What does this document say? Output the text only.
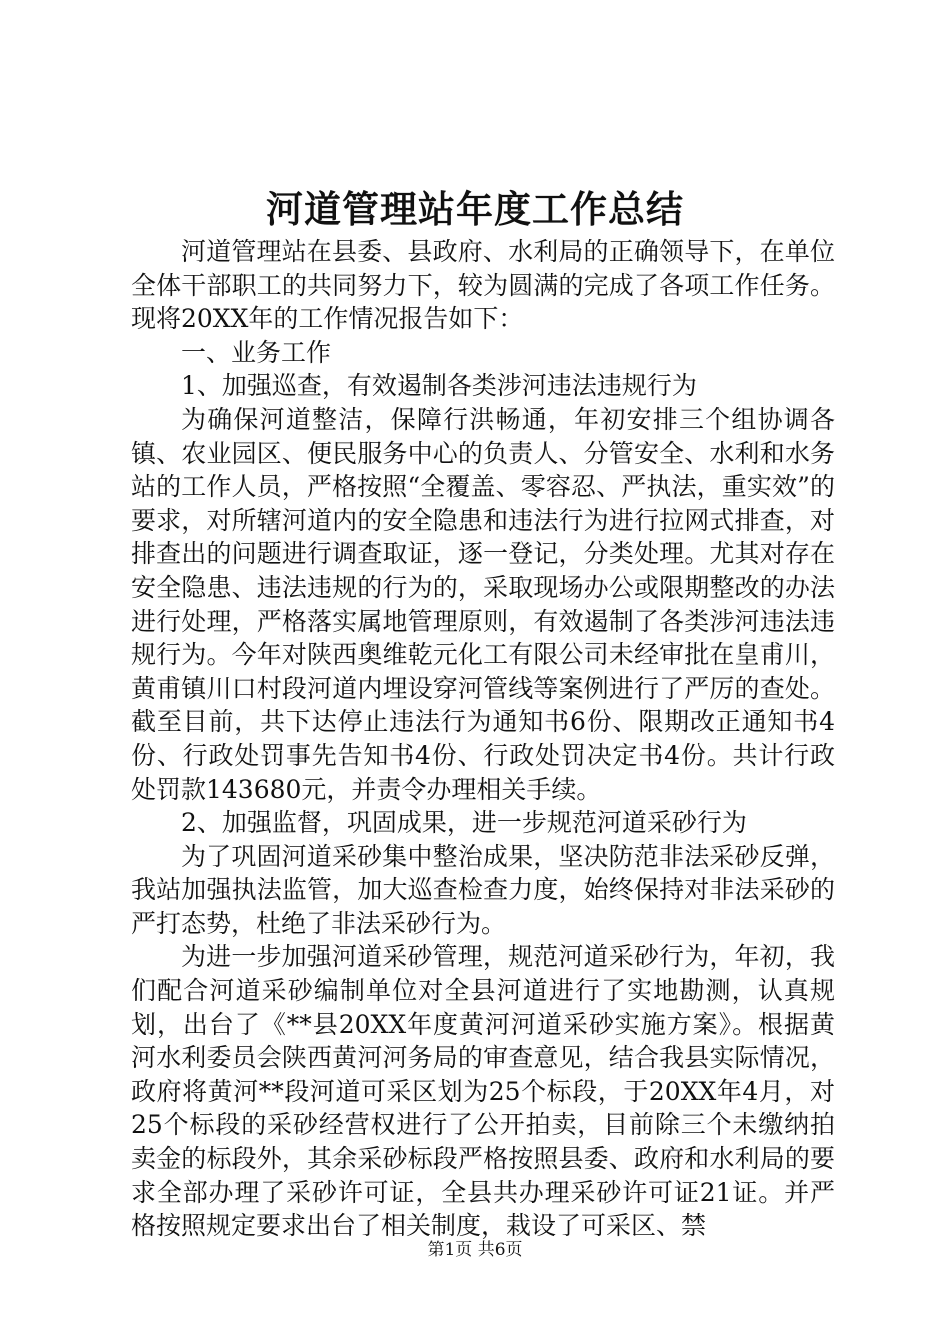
河道管理站年度工作总结

河道管理站在县委、县政府、水利局的正确领导下，在单位全体干部职工的共同努力下，较为圆满的完成了各项工作任务。现将20XX年的工作情况报告如下：

一、业务工作

1、加强巡查，有效遏制各类涉河违法违规行为

为确保河道整洁，保障行洪畅通，年初安排三个组协调各镇、农业园区、便民服务中心的负责人、分管安全、水利和水务站的工作人员，严格按照“全覆盖、零容忍、严执法，重实效”的要求，对所辖河道内的安全隐患和违法行为进行拉网式排查，对排查出的问题进行调查取证，逐一登记，分类处理。尤其对存在安全隐患、违法违规的行为的，采取现场办公或限期整改的办法进行处理，严格落实属地管理原则，有效遏制了各类涉河违法违规行为。今年对陕西奥维乾元化工有限公司未经审批在皇甫川，黄甫镇川口村段河道内埋设穿河管线等案例进行了严厉的查处。截至目前，共下达停止违法行为通知书6份、限期改正通知书4份、行政处罚事先告知书4份、行政处罚决定书4份。共计行政处罚款143680元，并责令办理相关手续。

2、加强监督，巩固成果，进一步规范河道采砂行为

为了巩固河道采砂集中整治成果，坚决防范非法采砂反弹，我站加强执法监管，加大巡查检查力度，始终保持对非法采砂的严打态势，杜绝了非法采砂行为。

为进一步加强河道采砂管理，规范河道采砂行为，年初，我们配合河道采砂编制单位对全县河道进行了实地勘测，认真规划，出台了《**县20XX年度黄河河道采砂实施方案》。根据黄河水利委员会陕西黄河河务局的审查意见，结合我县实际情况，政府将黄河**段河道可采区划为25个标段，于20XX年4月，对25个标段的采砂经营权进行了公开拍卖，目前除三个未缴纳拍卖金的标段外，其余采砂标段严格按照县委、政府和水利局的要求全部办理了采砂许可证，全县共办理采砂许可证21证。并严格按照规定要求出台了相关制度，栽设了可采区、禁

第1页 共6页
